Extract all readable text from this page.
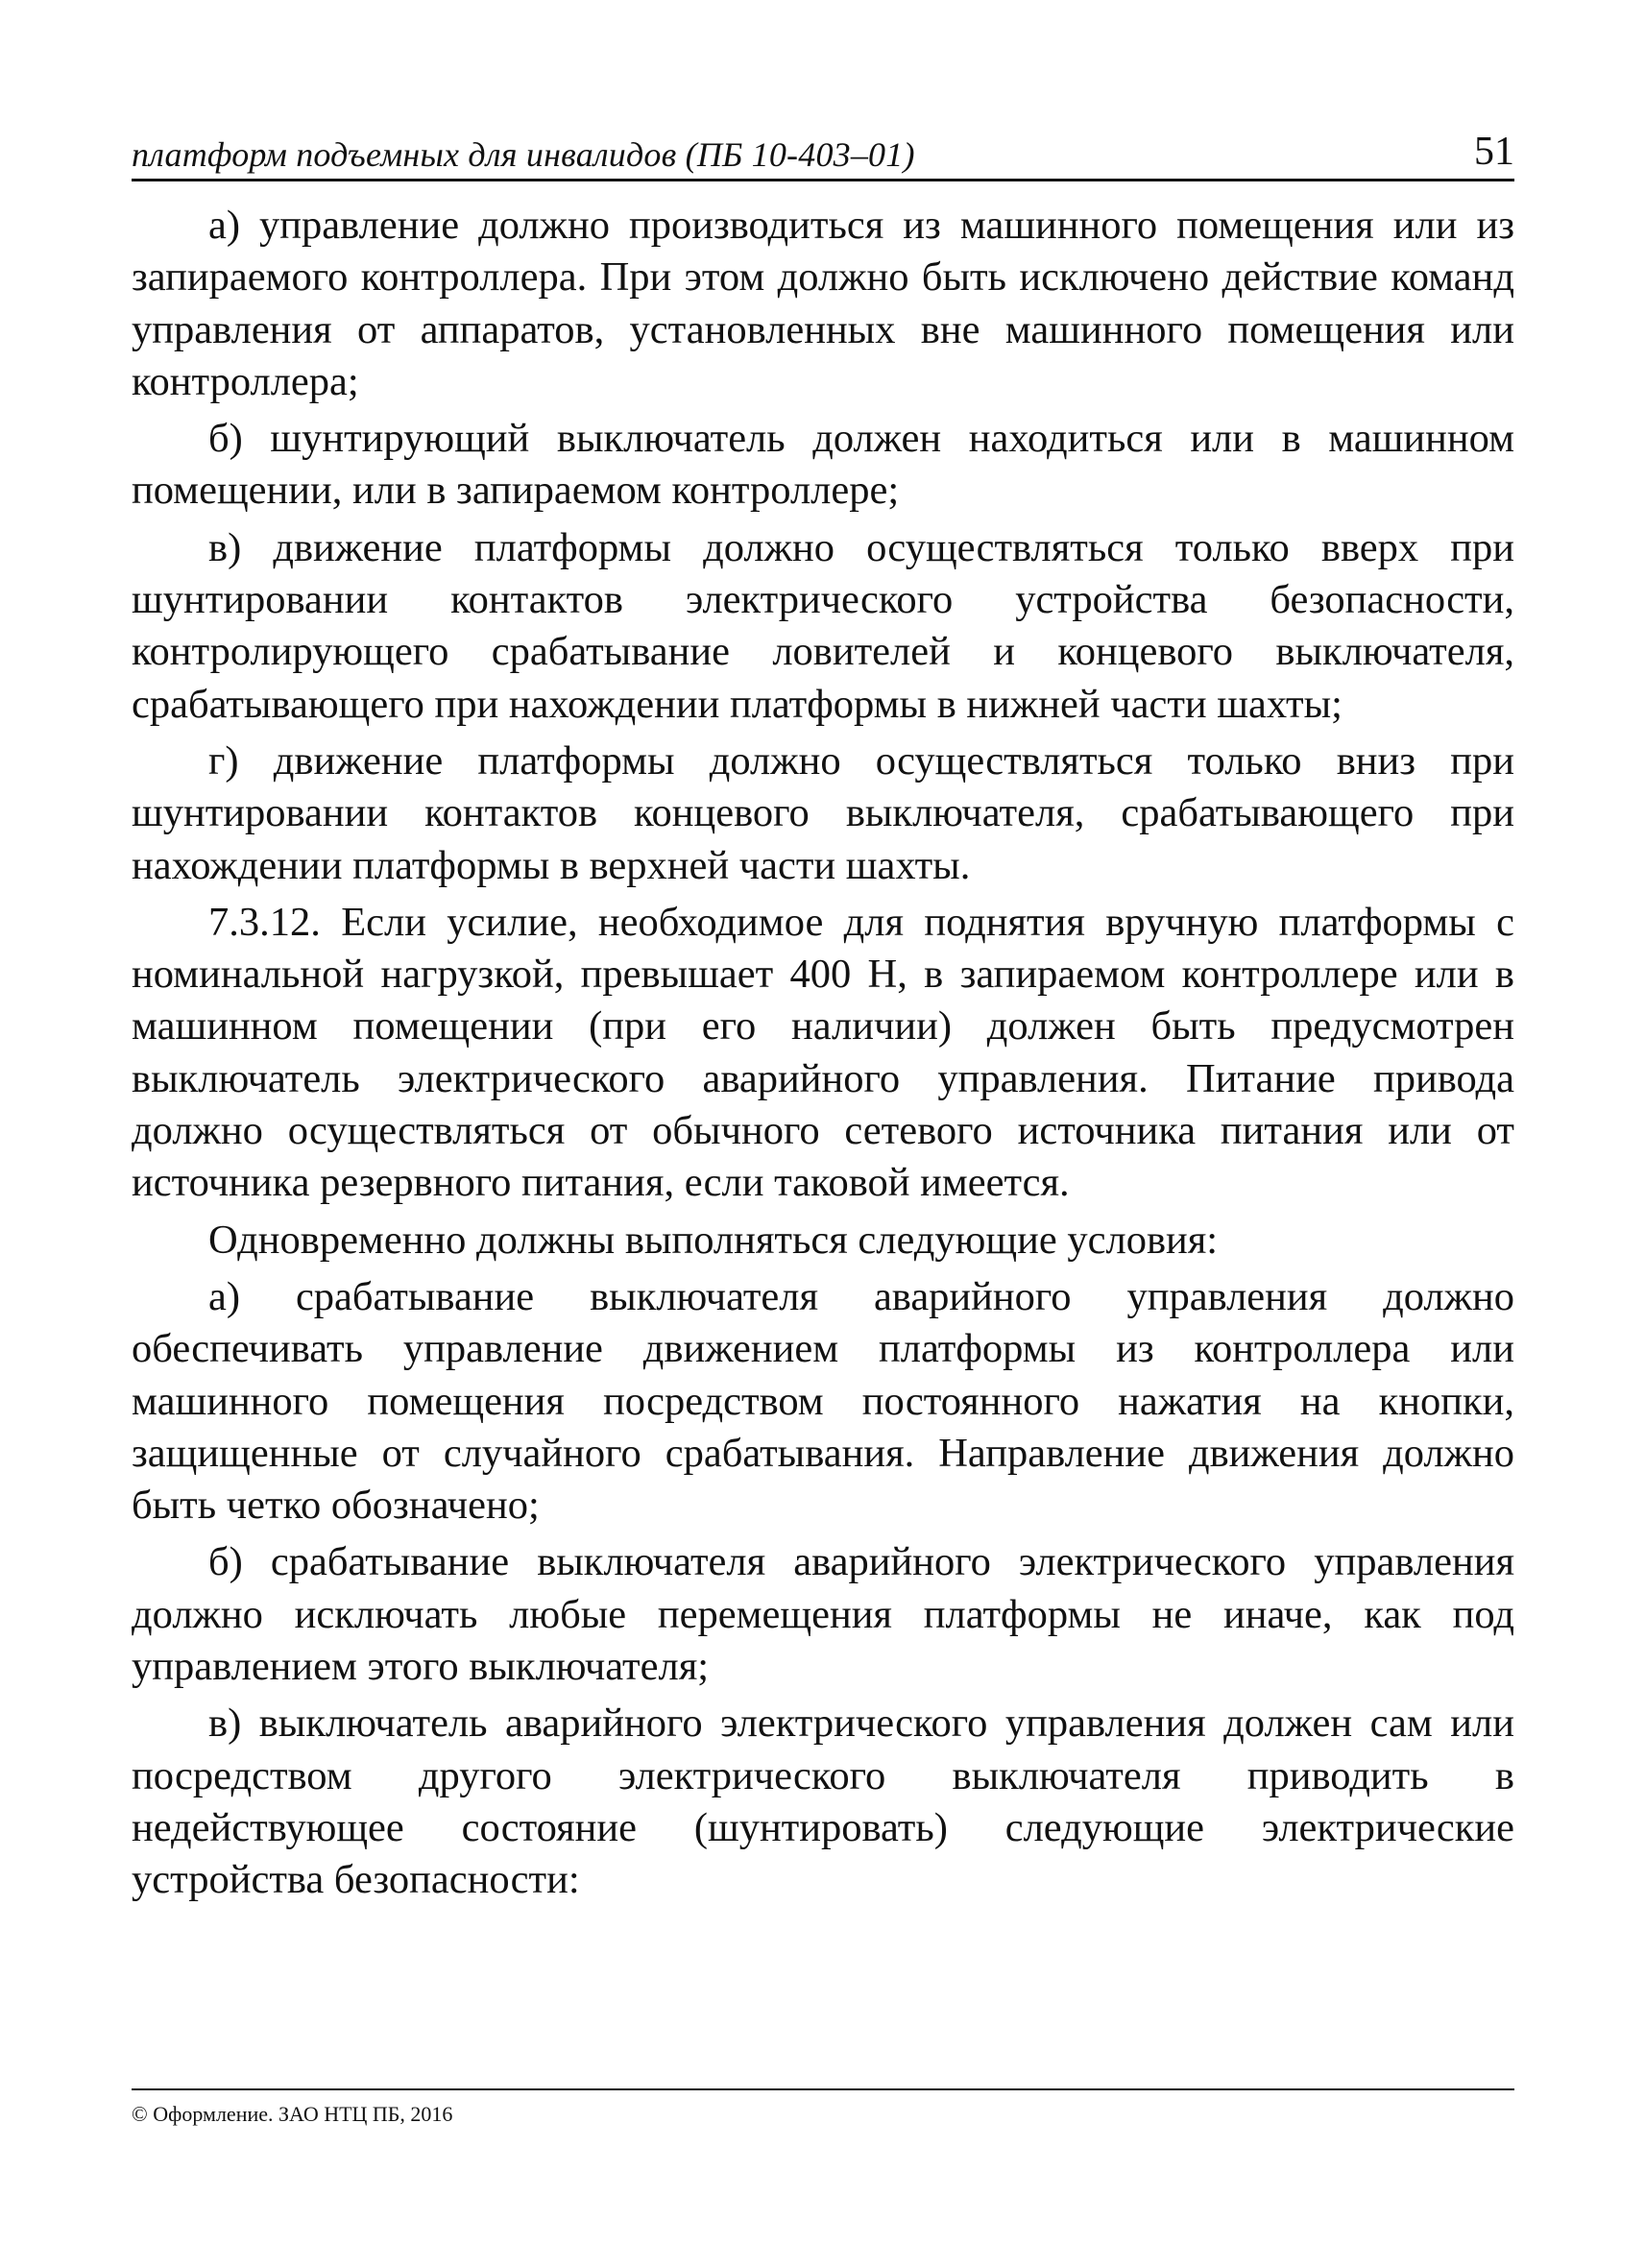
платформ подъемных для инвалидов (ПБ 10-403–01)	51

а) управление должно производиться из машинного помещения или из запираемого контроллера. При этом должно быть исключено действие команд управления от аппаратов, установленных вне машинного помещения или контроллера;

б) шунтирующий выключатель должен находиться или в машинном помещении, или в запираемом контроллере;

в) движение платформы должно осуществляться только вверх при шунтировании контактов электрического устройства безопасности, контролирующего срабатывание ловителей и концевого выключателя, срабатывающего при нахождении платформы в нижней части шахты;

г) движение платформы должно осуществляться только вниз при шунтировании контактов концевого выключателя, срабатывающего при нахождении платформы в верхней части шахты.

7.3.12. Если усилие, необходимое для поднятия вручную платформы с номинальной нагрузкой, превышает 400 Н, в запираемом контроллере или в машинном помещении (при его наличии) должен быть предусмотрен выключатель электрического аварийного управления. Питание привода должно осуществляться от обычного сетевого источника питания или от источника резервного питания, если таковой имеется.

Одновременно должны выполняться следующие условия:

а) срабатывание выключателя аварийного управления должно обеспечивать управление движением платформы из контроллера или машинного помещения посредством постоянного нажатия на кнопки, защищенные от случайного срабатывания. Направление движения должно быть четко обозначено;

б) срабатывание выключателя аварийного электрического управления должно исключать любые перемещения платформы не иначе, как под управлением этого выключателя;

в) выключатель аварийного электрического управления должен сам или посредством другого электрического выключателя приводить в недействующее состояние (шунтировать) следующие электрические устройства безопасности:

© Оформление. ЗАО НТЦ ПБ, 2016
